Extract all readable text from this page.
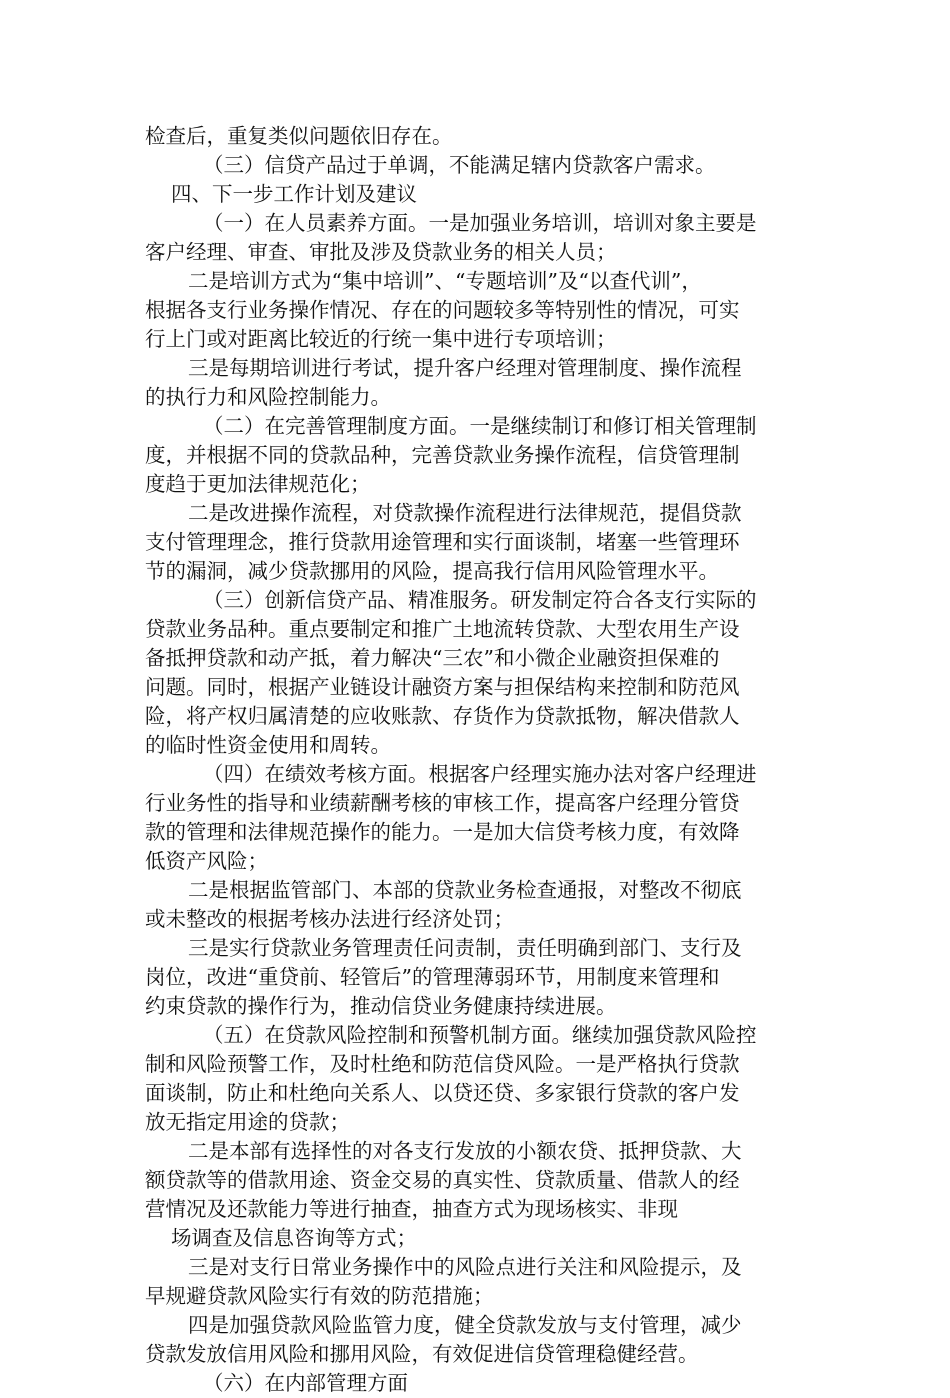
检查后，重复类似问题依旧存在。
（三）信贷产品过于单调，不能满足辖内贷款客户需求。
四、下一步工作计划及建议
（一）在人员素养方面。一是加强业务培训，培训对象主要是
客户经理、审查、审批及涉及贷款业务的相关人员；
二是培训方式为“集中培训”、“专题培训”及“以查代训”，
根据各支行业务操作情况、存在的问题较多等特别性的情况，可实
行上门或对距离比较近的行统一集中进行专项培训；
三是每期培训进行考试，提升客户经理对管理制度、操作流程
的执行力和风险控制能力。
（二）在完善管理制度方面。一是继续制订和修订相关管理制
度，并根据不同的贷款品种，完善贷款业务操作流程，信贷管理制
度趋于更加法律规范化；
二是改进操作流程，对贷款操作流程进行法律规范，提倡贷款
支付管理理念，推行贷款用途管理和实行面谈制，堵塞一些管理环
节的漏洞，减少贷款挪用的风险，提高我行信用风险管理水平。
（三）创新信贷产品、精准服务。研发制定符合各支行实际的
贷款业务品种。重点要制定和推广土地流转贷款、大型农用生产设
备抵押贷款和动产抵，着力解决“三农”和小微企业融资担保难的
问题。同时，根据产业链设计融资方案与担保结构来控制和防范风
险，将产权归属清楚的应收账款、存货作为贷款抵物，解决借款人
的临时性资金使用和周转。
（四）在绩效考核方面。根据客户经理实施办法对客户经理进
行业务性的指导和业绩薪酬考核的审核工作，提高客户经理分管贷
款的管理和法律规范操作的能力。一是加大信贷考核力度，有效降
低资产风险；
二是根据监管部门、本部的贷款业务检查通报，对整改不彻底
或未整改的根据考核办法进行经济处罚；
三是实行贷款业务管理责任问责制，责任明确到部门、支行及
岗位，改进“重贷前、轻管后”的管理薄弱环节，用制度来管理和
约束贷款的操作行为，推动信贷业务健康持续进展。
（五）在贷款风险控制和预警机制方面。继续加强贷款风险控
制和风险预警工作，及时杜绝和防范信贷风险。一是严格执行贷款
面谈制，防止和杜绝向关系人、以贷还贷、多家银行贷款的客户发
放无指定用途的贷款；
二是本部有选择性的对各支行发放的小额农贷、抵押贷款、大
额贷款等的借款用途、资金交易的真实性、贷款质量、借款人的经
营情况及还款能力等进行抽查，抽查方式为现场核实、非现
场调查及信息咨询等方式；
三是对支行日常业务操作中的风险点进行关注和风险提示，及
早规避贷款风险实行有效的防范措施；
四是加强贷款风险监管力度，健全贷款发放与支付管理，减少
贷款发放信用风险和挪用风险，有效促进信贷管理稳健经营。
（六）在内部管理方面
